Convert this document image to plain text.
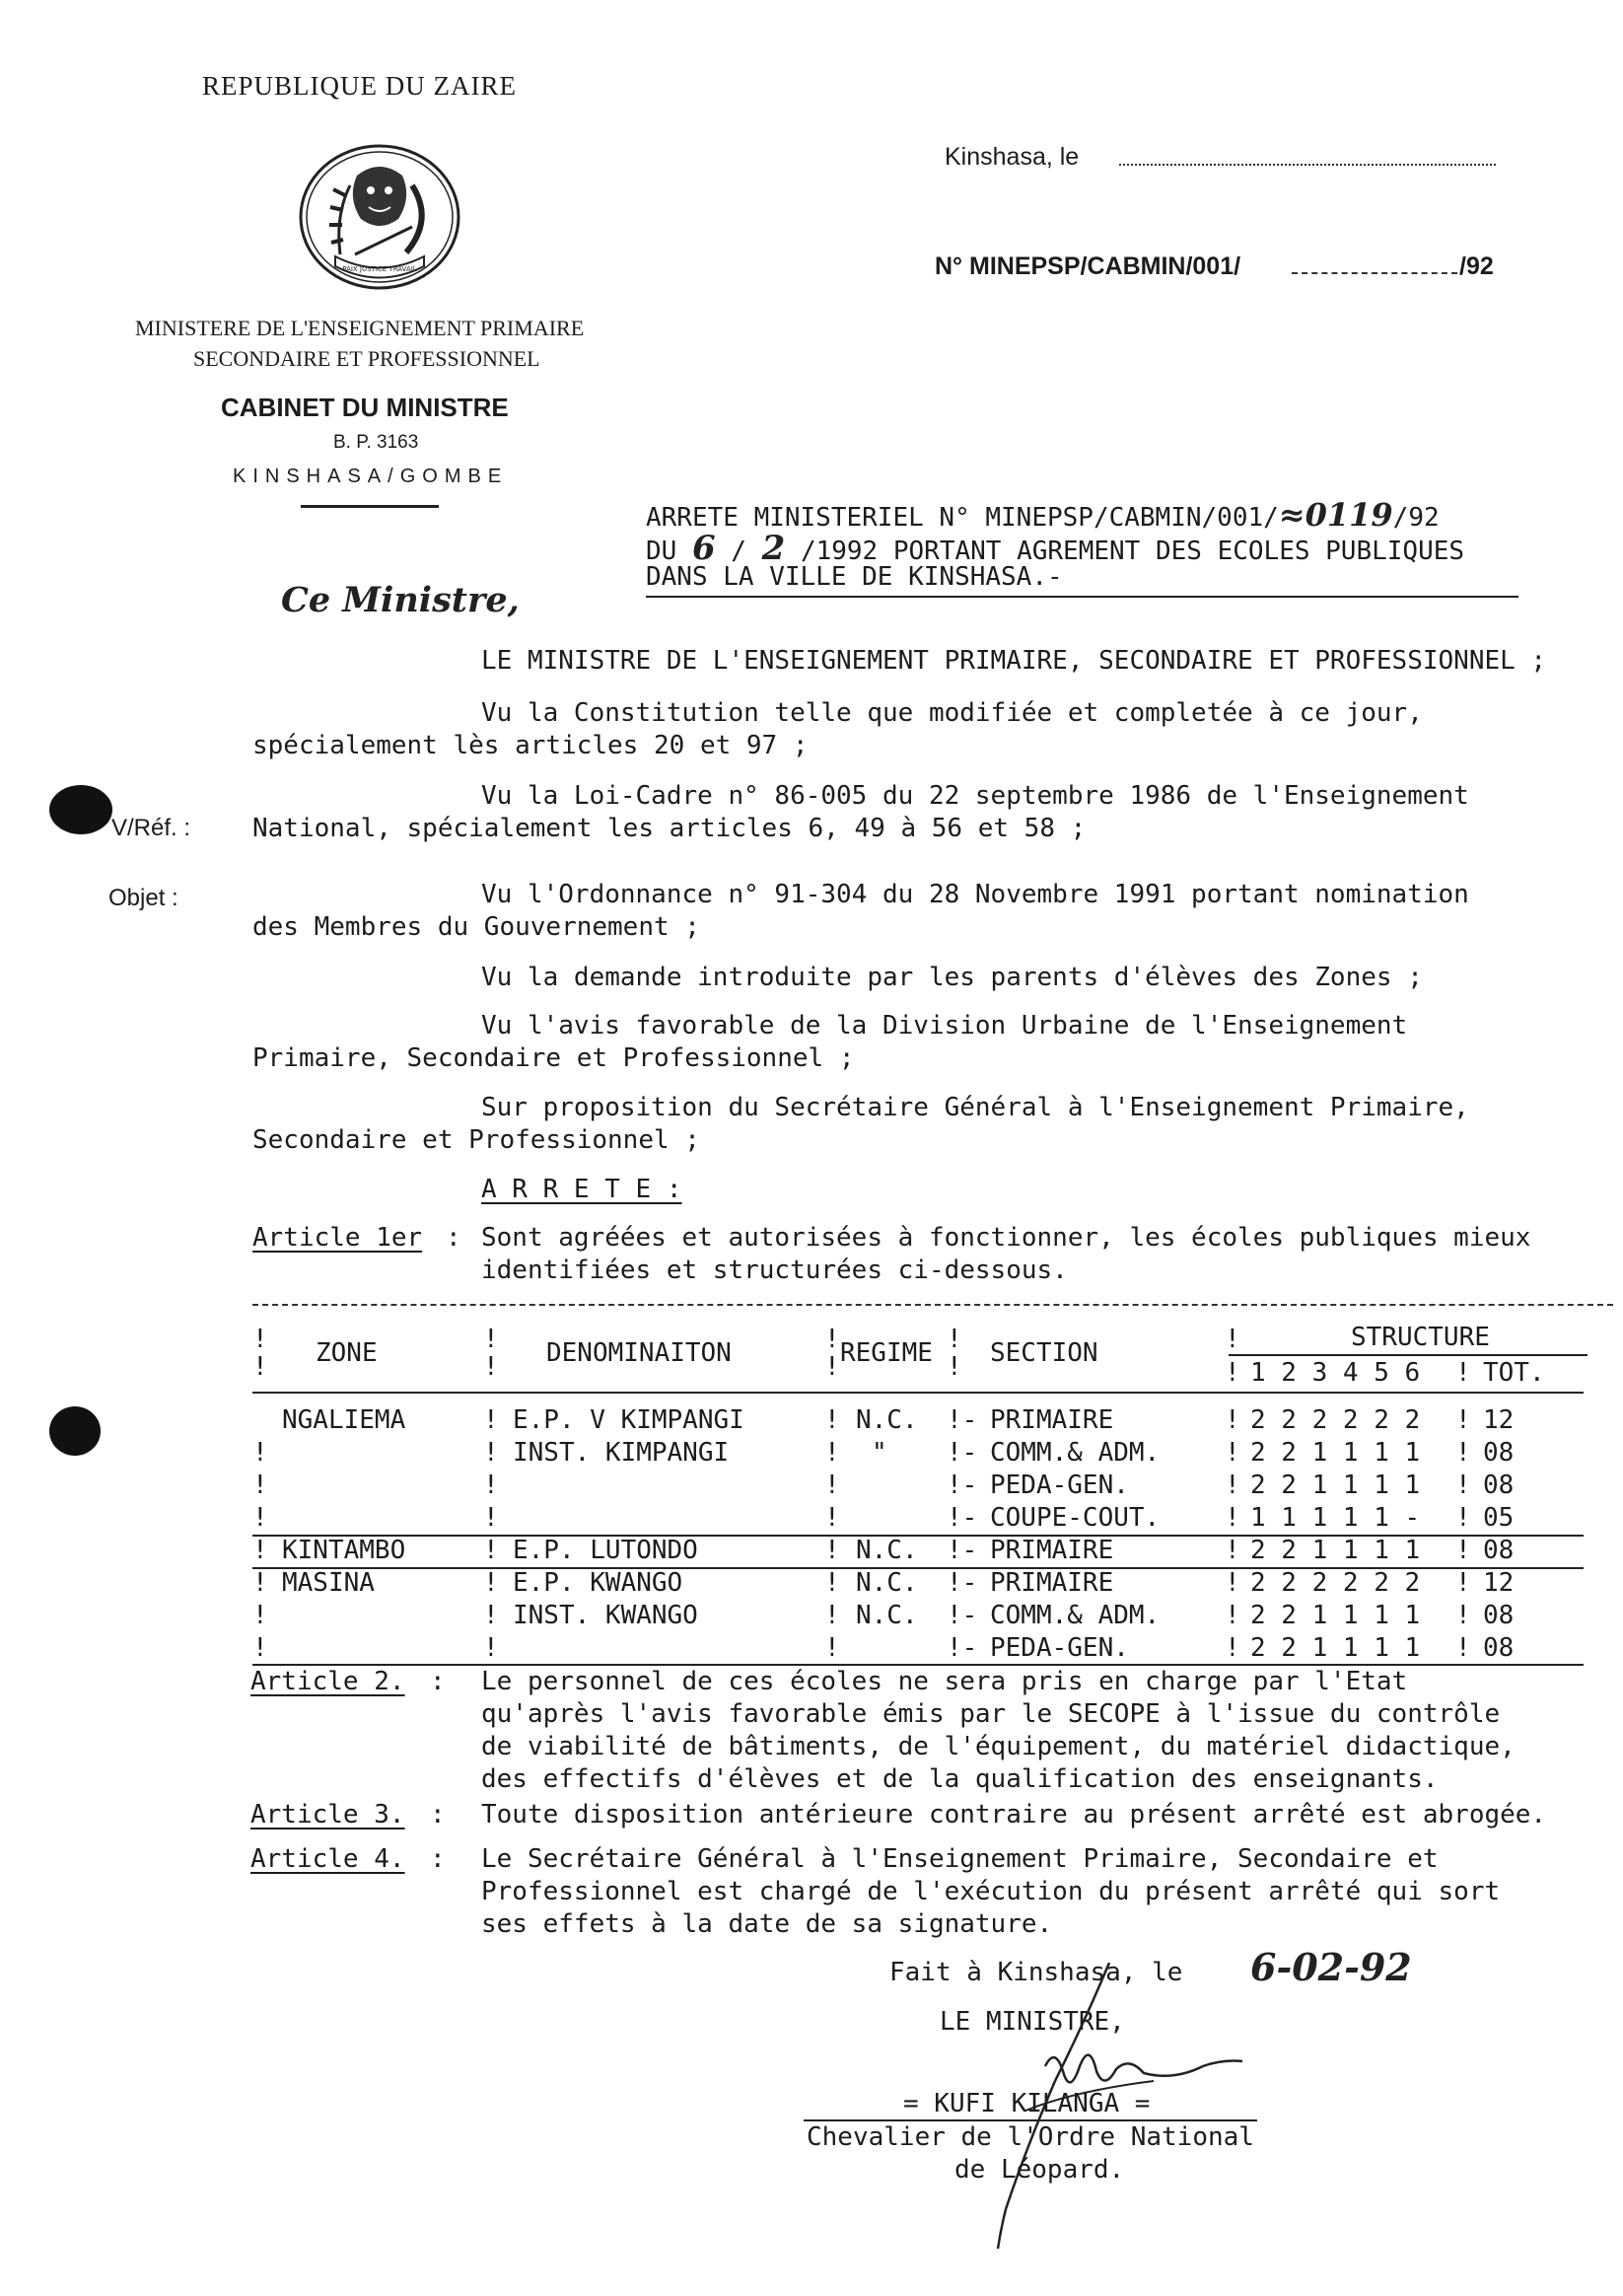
REPUBLIQUE DU ZAIRE
PAIX JUSTICE TRAVAIL
MINISTERE DE L'ENSEIGNEMENT PRIMAIRE
SECONDAIRE ET PROFESSIONNEL
CABINET DU MINISTRE
B. P. 3163
KINSHASA/GOMBE
Ce Ministre,
Kinshasa, le
N° MINEPSP/CABMIN/001/	/92
ARRETE MINISTERIEL N° MINEPSP/CABMIN/001/≈0119/92
DU 6 / 2 /1992 PORTANT AGREMENT DES ECOLES PUBLIQUES
DANS LA VILLE DE KINSHASA.-
V/Réf. :
Objet :
LE MINISTRE DE L'ENSEIGNEMENT PRIMAIRE, SECONDAIRE ET PROFESSIONNEL ;
Vu la Constitution telle que modifiée et completée à ce jour,
spécialement lès articles 20 et 97 ;
Vu la Loi-Cadre n° 86-005 du 22 septembre 1986 de l'Enseignement
National, spécialement les articles 6, 49 à 56 et 58 ;
Vu l'Ordonnance n° 91-304 du 28 Novembre 1991 portant nomination
des Membres du Gouvernement ;
Vu la demande introduite par les parents d'élèves des Zones ;
Vu l'avis favorable de la Division Urbaine de l'Enseignement
Primaire, Secondaire et Professionnel ;
Sur proposition du Secrétaire Général à l'Enseignement Primaire,
Secondaire et Professionnel ;
A R R E T E :
Article 1er : Sont agréées et autorisées à fonctionner, les écoles publiques mieux
identifiées et structurées ci-dessous.
ZONE	DENOMINAITON	REGIME SECTION
STRUCTURE
1 2 3 4 5 6 TOT.
!
!
!
!
!
!
!
!
!
!	!
NGALIEMA	! E.P. V KIMPANGI	! N.C. !- PRIMAIRE	! 2 2 2 2 2 2 ! 12
!	! INST. KIMPANGI	! " !- COMM.& ADM.	! 2 2 1 1 1 1 ! 08
!	!	!	!- PEDA-GEN.	! 2 2 1 1 1 1 ! 08
!	!	!	!- COUPE-COUT.	! 1 1 1 1 1 - ! 05
! KINTAMBO	! E.P. LUTONDO	! N.C. !- PRIMAIRE	! 2 2 1 1 1 1 ! 08
! MASINA	! E.P. KWANGO	! N.C. !- PRIMAIRE	! 2 2 2 2 2 2 ! 12
!	! INST. KWANGO	! N.C. !- COMM.& ADM.	! 2 2 1 1 1 1 ! 08
!	!	!	!- PEDA-GEN.	! 2 2 1 1 1 1 ! 08
Article 2. : Le personnel de ces écoles ne sera pris en charge par l'Etat
qu'après l'avis favorable émis par le SECOPE à l'issue du contrôle
de viabilité de bâtiments, de l'équipement, du matériel didactique,
des effectifs d'élèves et de la qualification des enseignants.
Article 3. : Toute disposition antérieure contraire au présent arrêté est abrogée.
Article 4. : Le Secrétaire Général à l'Enseignement Primaire, Secondaire et
Professionnel est chargé de l'exécution du présent arrêté qui sort
ses effets à la date de sa signature.
Fait à Kinshasa, le 6-02-92
LE MINISTRE,
= KUFI KILANGA =
Chevalier de l'Ordre National
de Léopard.
